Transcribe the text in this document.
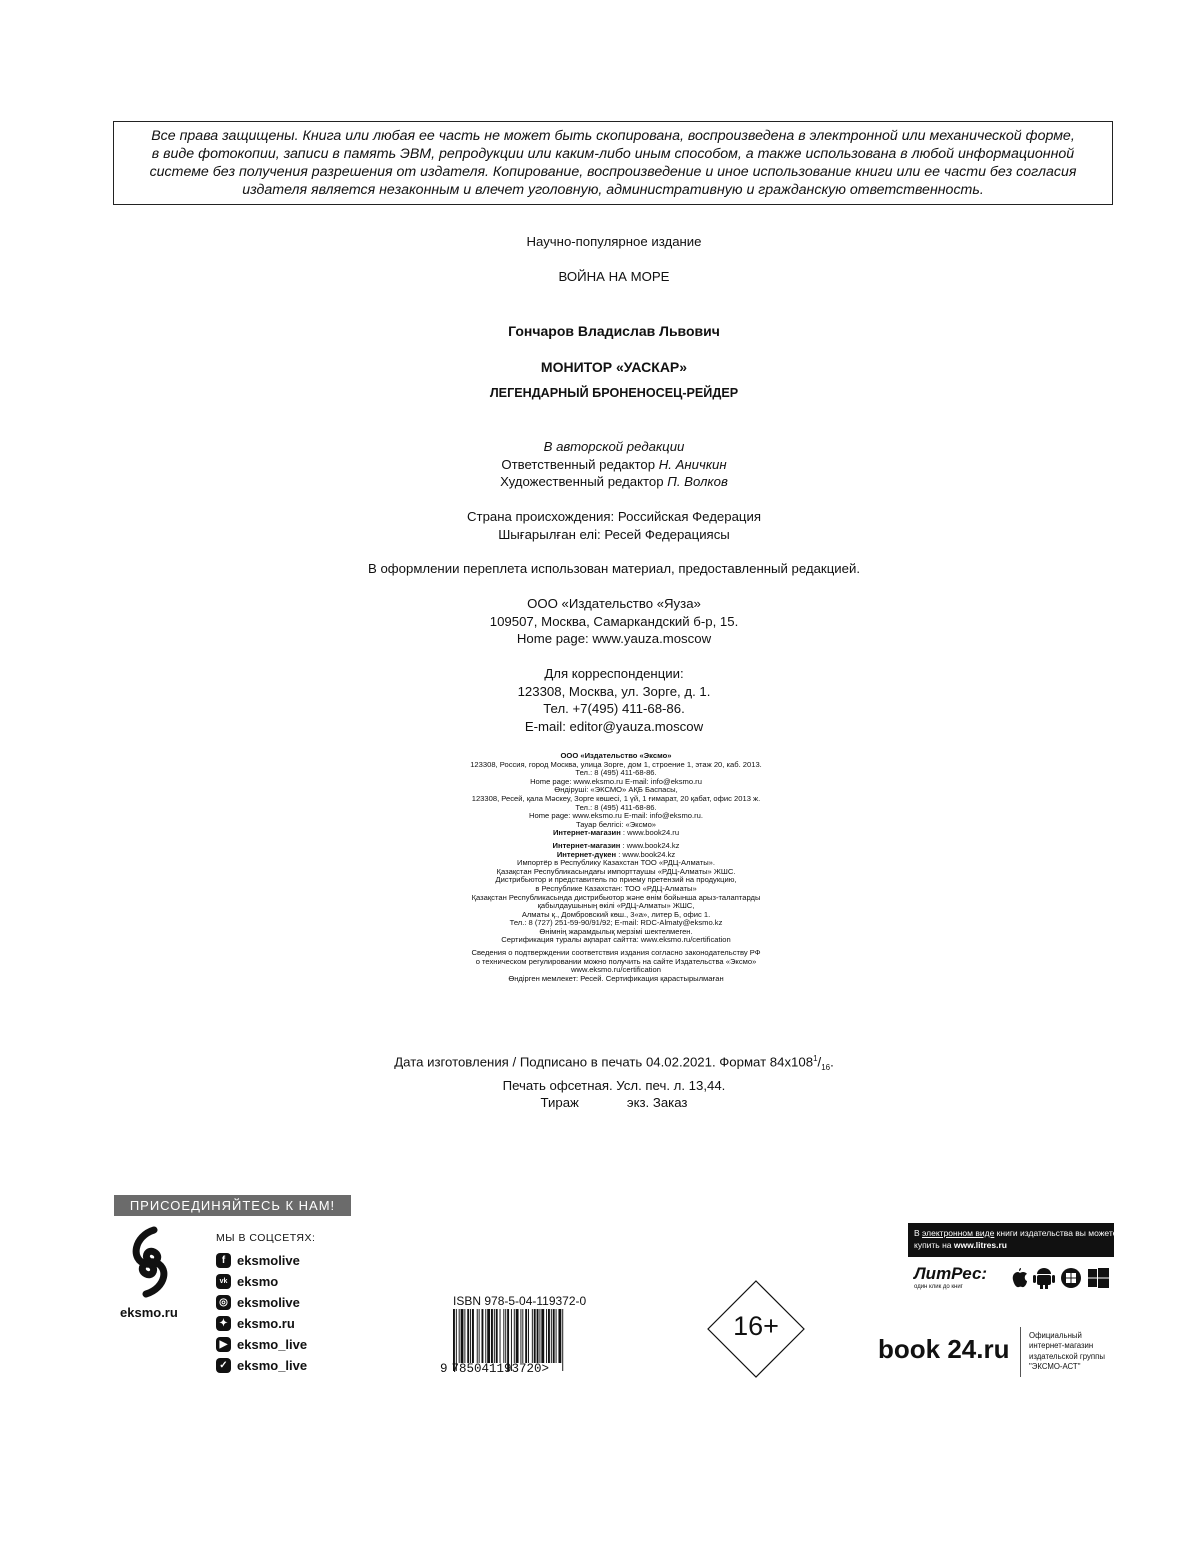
Все права защищены. Книга или любая ее часть не может быть скопирована, воспроизведена в электронной или механической форме,
в виде фотокопии, записи в память ЭВМ, репродукции или каким-либо иным способом, а также использована в любой информационной
системе без получения разрешения от издателя. Копирование, воспроизведение и иное использование книги или ее части без согласия
издателя является незаконным и влечет уголовную, административную и гражданскую ответственность.
Научно-популярное издание
ВОЙНА НА МОРЕ
Гончаров Владислав Львович
МОНИТОР «УАСКАР»
ЛЕГЕНДАРНЫЙ БРОНЕНОСЕЦ-РЕЙДЕР
В авторской редакции
Ответственный редактор Н. Аничкин
Художественный редактор П. Волков
Страна происхождения: Российская Федерация
Шығарылған елі: Ресей Федерациясы
В оформлении переплета использован материал, предоставленный редакцией.
ООО «Издательство «Яуза»
109507, Москва, Самаркандский б-р, 15.
Home page: www.yauza.moscow
Для корреспонденции:
123308, Москва, ул. Зорге, д. 1.
Тел. +7(495) 411-68-86.
E-mail: editor@yauza.moscow
ООО «Издательство «Эксмо»
123308, Россия, город Москва, улица Зорге, дом 1, строение 1, этаж 20, каб. 2013.
Тел.: 8 (495) 411-68-86.
Home page: www.eksmo.ru E-mail: info@eksmo.ru
Өндіруші: «ЭКСМО» АҚБ Баспасы,
123308, Ресей, қала Мәскеу, Зорге көшесі, 1 үй, 1 ғимарат, 20 қабат, офис 2013 ж.
Тел.: 8 (495) 411-68-86.
Home page: www.eksmo.ru E-mail: info@eksmo.ru.
Тауар белгісі: «Эксмо»
Интернет-магазин : www.book24.ru
Интернет-магазин : www.book24.kz
Интернет-дүкен : www.book24.kz
Импортёр в Республику Казахстан ТОО «РДЦ-Алматы».
Қазақстан Республикасындағы импорттаушы «РДЦ-Алматы» ЖШС.
Дистрибьютор и представитель по приему претензий на продукцию,
в Республике Казахстан: ТОО «РДЦ-Алматы»
Қазақстан Республикасында дистрибьютор және өнім бойынша арыз-талаптарды
қабылдаушының өкілі «РДЦ-Алматы» ЖШС,
Алматы қ., Домбровский көш., 3«а», литер Б, офис 1.
Тел.: 8 (727) 251-59-90/91/92; E-mail: RDC-Almaty@eksmo.kz
Өнімнің жарамдылық мерзімі шектелмеген.
Сертификация туралы ақпарат сайтта: www.eksmo.ru/certification
Сведения о подтверждении соответствия издания согласно законодательству РФ
о техническом регулировании можно получить на сайте Издательства «Эксмо»
www.eksmo.ru/certification
Өндірген мемлекет: Ресей. Сертификация қарастырылмаған
Дата изготовления / Подписано в печать 04.02.2021. Формат $84x108^1/_{16}$.
Печать офсетная. Усл. печ. л. 13,44.
Тираж	экз. Заказ
ПРИСОЕДИНЯЙТЕСЬ К НАМ!
eksmo.ru
МЫ В СОЦСЕТЯХ:
f eksmolive
vk eksmo
◎ eksmolive
✦ eksmo.ru
▶ eksmo_live
✓ eksmo_live
ISBN 978-5-04-119372-0
9 785041193720>
16+
В электронном виде книги издательства вы можете
купить на www.litres.ru
ЛитРес:
один клик до книг
book 24.ru	Официальный
интернет-магазин
издательской группы
"ЭКСМО-АСТ"
